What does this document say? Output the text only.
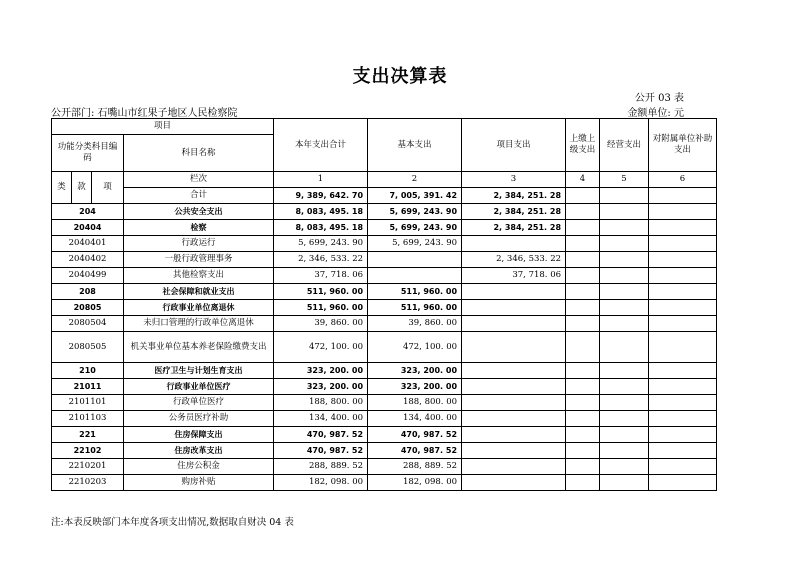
支出决算表
公开 03 表
公开部门: 石嘴山市红果子地区人民检察院	金额单位: 元
项目				本年支出合计	基本支出	项目支出	上缴上级支出	经营支出	对附属单位补助支出
功能分类科目编码			科目名称						

类	款	项	栏次	1	2	3	4	5	6
			合计	9, 389, 642. 70	7, 005, 391. 42	2, 384, 251. 28			
204			公共安全支出	8, 083, 495. 18	5, 699, 243. 90	2, 384, 251. 28			
20404			检察	8, 083, 495. 18	5, 699, 243. 90	2, 384, 251. 28			
2040401			行政运行	5, 699, 243. 90	5, 699, 243. 90				
2040402			一般行政管理事务	2, 346, 533. 22		2, 346, 533. 22			
2040499			其他检察支出	37, 718. 06		37, 718. 06			
208			社会保障和就业支出	511, 960. 00	511, 960. 00				
20805			行政事业单位离退休	511, 960. 00	511, 960. 00				
2080504			未归口管理的行政单位离退休	39, 860. 00	39, 860. 00				
2080505			机关事业单位基本养老保险缴费支出	472, 100. 00	472, 100. 00				
210			医疗卫生与计划生育支出	323, 200. 00	323, 200. 00				
21011			行政事业单位医疗	323, 200. 00	323, 200. 00				
2101101			行政单位医疗	188, 800. 00	188, 800. 00				
2101103			公务员医疗补助	134, 400. 00	134, 400. 00				
221			住房保障支出	470, 987. 52	470, 987. 52				
22102			住房改革支出	470, 987. 52	470, 987. 52				
2210201			住房公积金	288, 889. 52	288, 889. 52				
2210203			购房补贴	182, 098. 00	182, 098. 00				
注:本表反映部门本年度各项支出情况,数据取自财决 04 表
